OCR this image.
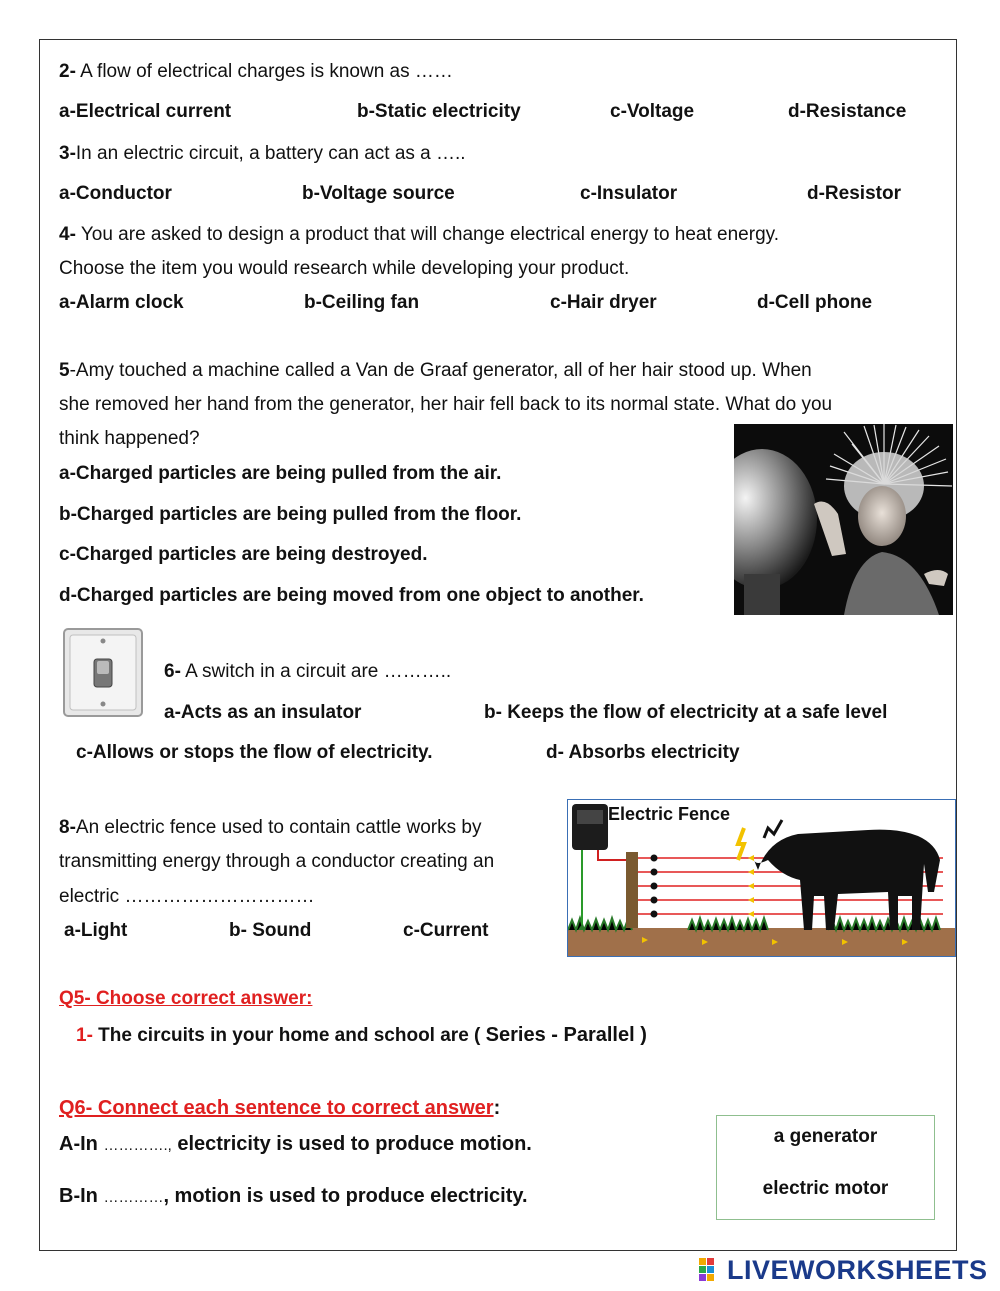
2- A flow of electrical charges is known as ……
a-Electrical current	b-Static electricity	c-Voltage	d-Resistance
3-In an electric circuit, a battery can act as a …..
a-Conductor	b-Voltage source	c-Insulator	d-Resistor
4- You are asked to design a product that will change electrical energy to heat energy.
Choose the item you would research while developing your product.
a-Alarm clock	b-Ceiling fan	c-Hair dryer	d-Cell phone
5-Amy touched a machine called a Van de Graaf generator, all of her hair stood up. When
she removed her hand from the generator, her hair fell back to its normal state. What do you
think happened?
a-Charged particles are being pulled from the air.
b-Charged particles are being pulled from the floor.
c-Charged particles are being destroyed.
d-Charged particles are being moved from one object to another.
6- A switch in a circuit are ………..
a-Acts as an insulator	b- Keeps the flow of electricity at a safe level
c-Allows or stops the flow of electricity.	d- Absorbs electricity
8-An electric fence used to contain cattle works by
transmitting energy through a conductor creating an
electric …………………………
a-Light	b- Sound	c-Current
Electric Fence
Q5- Choose correct answer:
1- The circuits in your home and school are ( Series - Parallel )
Q6- Connect each sentence to correct answer:
A-In …………., electricity is used to produce motion.
B-In …………, motion is used to produce electricity.
a generator
electric motor
LIVEWORKSHEETS
